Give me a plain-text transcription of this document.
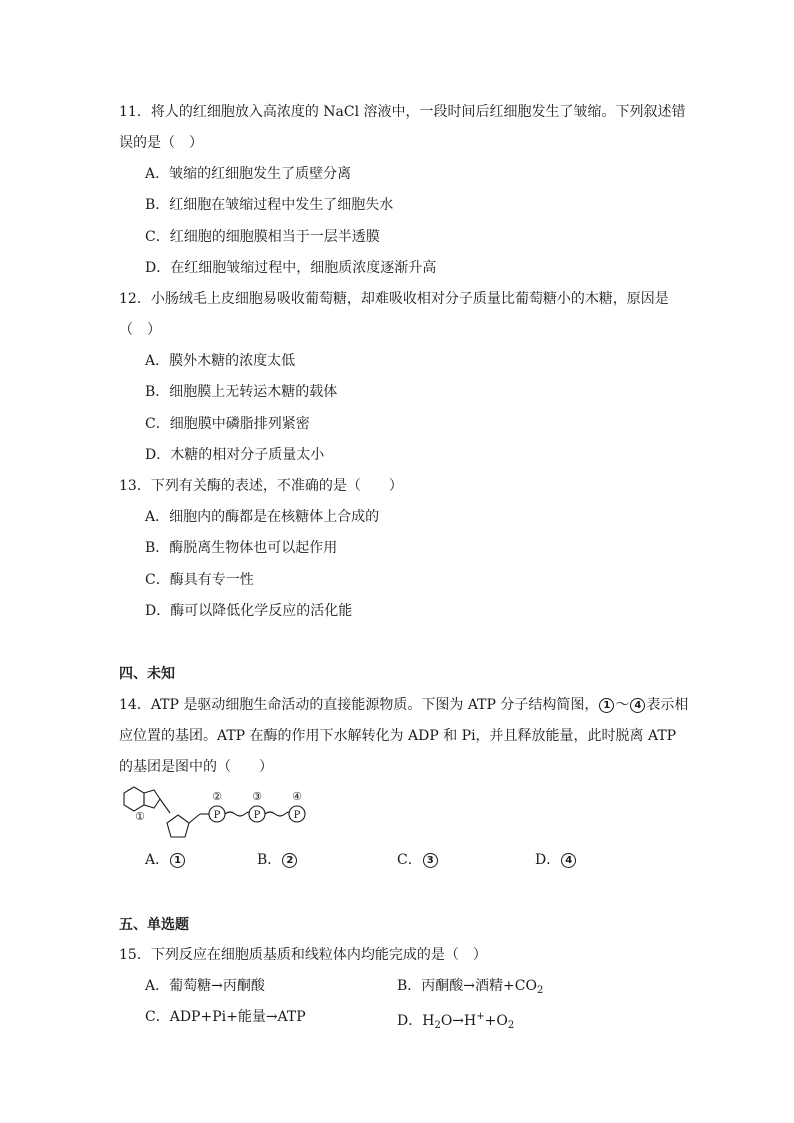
11．将人的红细胞放入高浓度的 NaCl 溶液中，一段时间后红细胞发生了皱缩。下列叙述错
误的是（　）
A．皱缩的红细胞发生了质壁分离
B．红细胞在皱缩过程中发生了细胞失水
C．红细胞的细胞膜相当于一层半透膜
D．在红细胞皱缩过程中，细胞质浓度逐渐升高
12．小肠绒毛上皮细胞易吸收葡萄糖，却难吸收相对分子质量比葡萄糖小的木糖，原因是
（　）
A．膜外木糖的浓度太低
B．细胞膜上无转运木糖的载体
C．细胞膜中磷脂排列紧密
D．木糖的相对分子质量太小
13．下列有关酶的表述，不准确的是（　　）
A．细胞内的酶都是在核糖体上合成的
B．酶脱离生物体也可以起作用
C．酶具有专一性
D．酶可以降低化学反应的活化能
四、未知
14．ATP 是驱动细胞生命活动的直接能源物质。下图为 ATP 分子结构简图， 1 ～ 4 表示相
应位置的基团。ATP 在酶的作用下水解转化为 ADP 和 Pi，并且释放能量，此时脱离 ATP
的基团是图中的（　　）
①
②	③	④
P	P	P
A． 1	B． 2	C． 3	D． 4
五、单选题
15．下列反应在细胞质基质和线粒体内均能完成的是（　）
A．葡萄糖→丙酮酸	B．丙酮酸→酒精$+CO_2$
C．ADP+Pi+能量→ATP	D．$H_2O\to H^++O_2$
